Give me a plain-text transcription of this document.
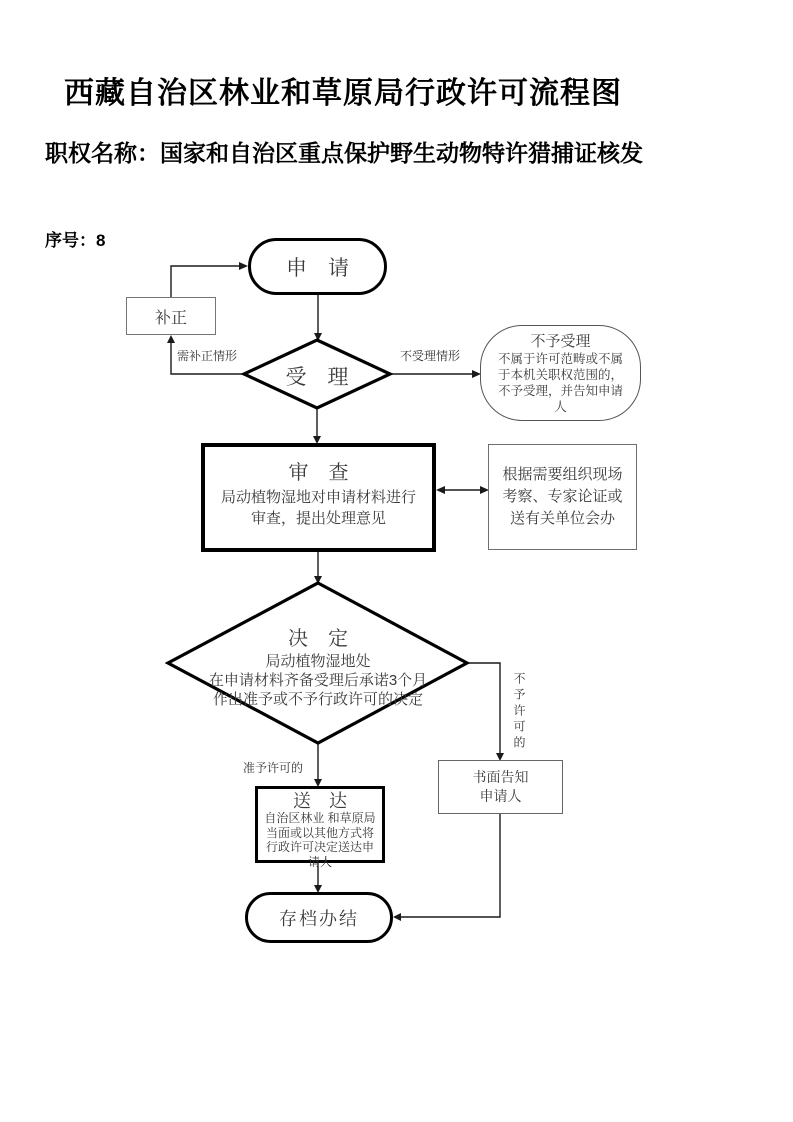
西藏自治区林业和草原局行政许可流程图
职权名称：国家和自治区重点保护野生动物特许猎捕证核发
序号：8
申　请
补正
受　理
不予受理
不属于许可范畴或不属于本机关职权范围的，不予受理，并告知申请人
审　查
局动植物湿地对申请材料进行审查，提出处理意见
根据需要组织现场考察、专家论证或送有关单位会办
决　定
局动植物湿地处
在申请材料齐备受理后承诺3个月
作出准予或不予行政许可的决定
送　达
自治区林业 和草原局当面或以其他方式将行政许可决定送达申请人
书面告知
申请人
存档办结
需补正情形	不受理情形
准予许可的
不予许可的
